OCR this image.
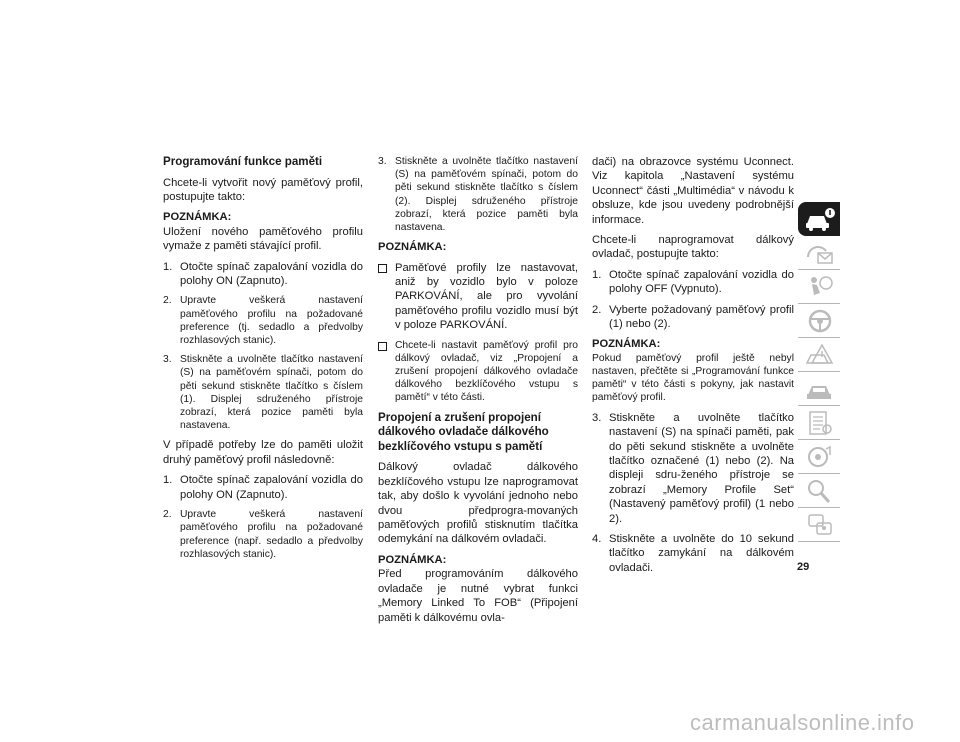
Programování funkce paměti
Chcete-li vytvořit nový paměťový profil, postupujte takto:
POZNÁMKA:
Uložení nového paměťového profilu vymaže z paměti stávající profil.
1. Otočte spínač zapalování vozidla do polohy ON (Zapnuto).
2. Upravte veškerá nastavení paměťového profilu na požadované preference (tj. sedadlo a předvolby rozhlasových stanic).
3. Stiskněte a uvolněte tlačítko nastavení (S) na paměťovém spínači, potom do pěti sekund stiskněte tlačítko s číslem (1). Displej sdruženého přístroje zobrazí, která pozice paměti byla nastavena.
V případě potřeby lze do paměti uložit druhý paměťový profil následovně:
1. Otočte spínač zapalování vozidla do polohy ON (Zapnuto).
2. Upravte veškerá nastavení paměťového profilu na požadované preference (např. sedadlo a předvolby rozhlasových stanic).
3. Stiskněte a uvolněte tlačítko nastavení (S) na paměťovém spínači, potom do pěti sekund stiskněte tlačítko s číslem (2). Displej sdruženého přístroje zobrazí, která pozice paměti byla nastavena.
POZNÁMKA:
Paměťové profily lze nastavovat, aniž by vozidlo bylo v poloze PARKOVÁNÍ, ale pro vyvolání paměťového profilu vozidlo musí být v poloze PARKOVÁNÍ.
Chcete-li nastavit paměťový profil pro dálkový ovladač, viz „Propojení a zrušení propojení dálkového ovladače dálkového bezklíčového vstupu s pamětí“ v této části.
Propojení a zrušení propojení dálkového ovladače dálkového bezklíčového vstupu s pamětí
Dálkový ovladač dálkového bezklíčového vstupu lze naprogramovat tak, aby došlo k vyvolání jednoho nebo dvou předprogra-movaných paměťových profilů stisknutím tlačítka odemykání na dálkovém ovladači.
POZNÁMKA:
Před programováním dálkového ovladače je nutné vybrat funkci „Memory Linked To FOB“ (Připojení paměti k dálkovému ovla-
dači) na obrazovce systému Uconnect. Viz kapitola „Nastavení systému Uconnect“ části „Multimédia“ v návodu k obsluze, kde jsou uvedeny podrobnější informace.
Chcete-li naprogramovat dálkový ovladač, postupujte takto:
1. Otočte spínač zapalování vozidla do polohy OFF (Vypnuto).
2. Vyberte požadovaný paměťový profil (1) nebo (2).
POZNÁMKA:
Pokud paměťový profil ještě nebyl nastaven, přečtěte si „Programování funkce paměti“ v této části s pokyny, jak nastavit paměťový profil.
3. Stiskněte a uvolněte tlačítko nastavení (S) na spínači paměti, pak do pěti sekund stiskněte a uvolněte tlačítko označené (1) nebo (2). Na displeji sdru-ženého přístroje se zobrazí „Memory Profile Set“ (Nastavený paměťový profil) (1 nebo 2).
4. Stiskněte a uvolněte do 10 sekund tlačítko zamykání na dálkovém ovladači.	29
carmanualsonline.info
